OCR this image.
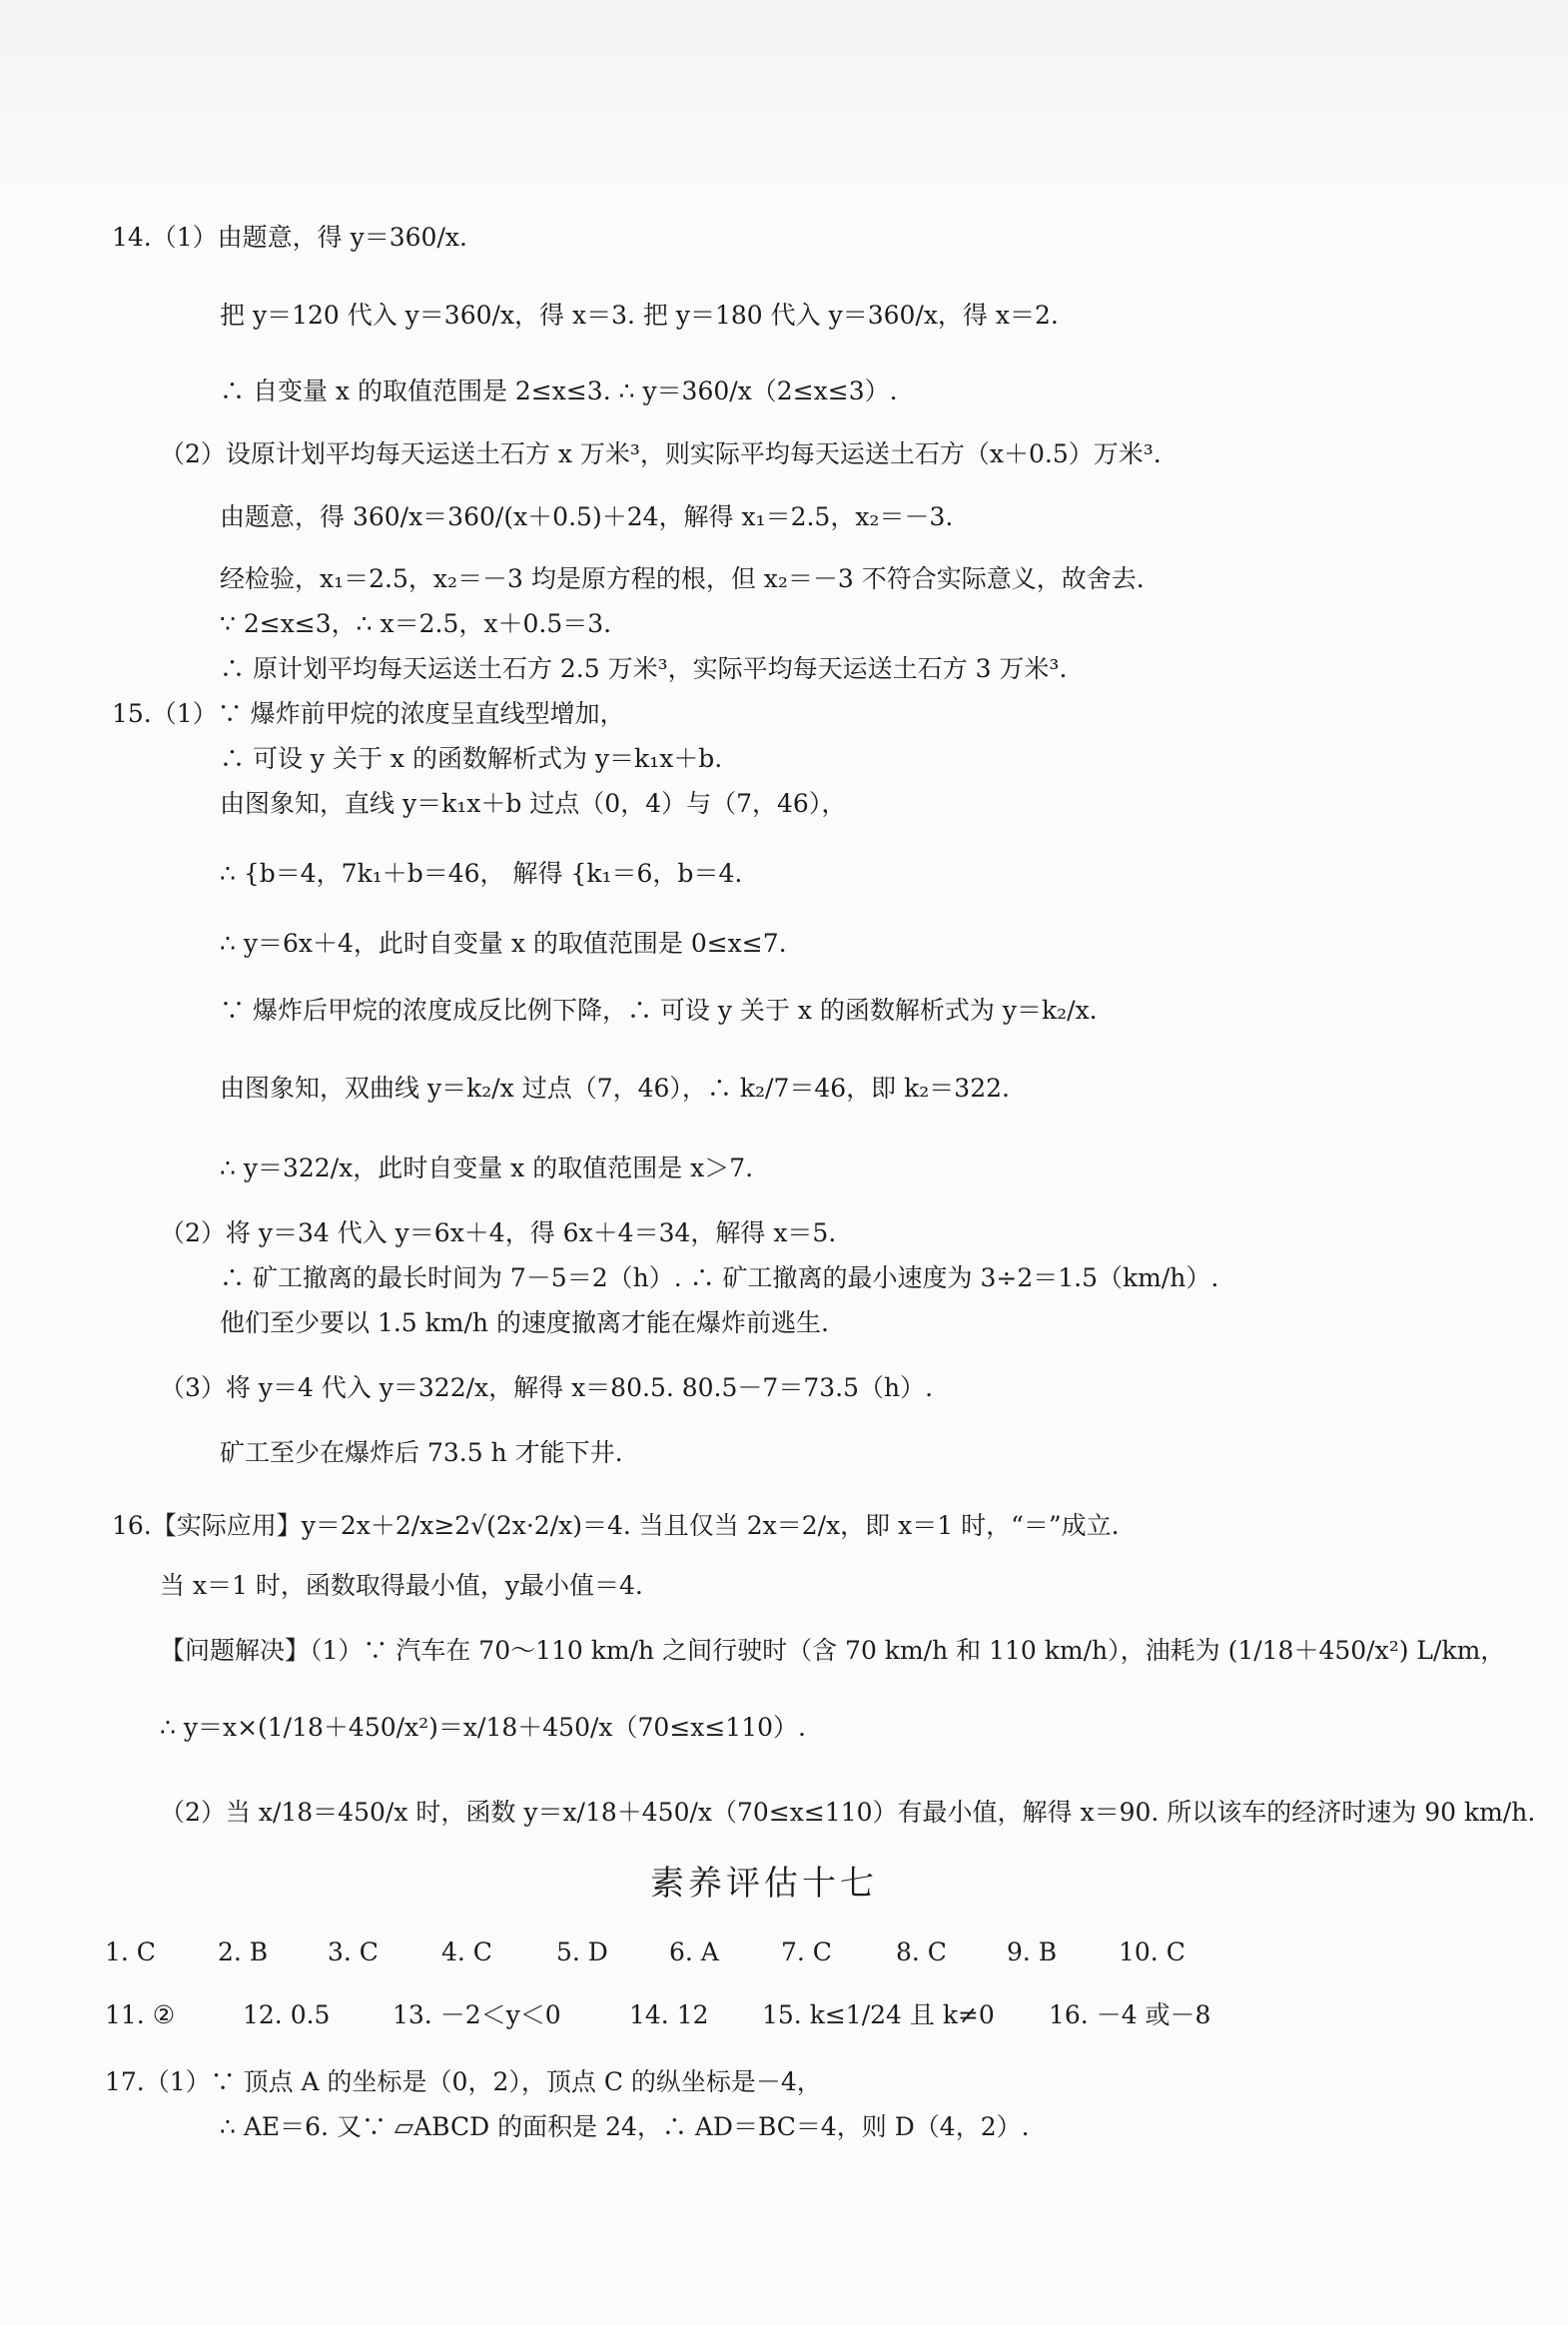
14.（1）由题意，得 y＝360/x.
把 y＝120 代入 y＝360/x，得 x＝3. 把 y＝180 代入 y＝360/x，得 x＝2.
∴ 自变量 x 的取值范围是 2≤x≤3. ∴ y＝360/x（2≤x≤3）.
（2）设原计划平均每天运送土石方 x 万米³，则实际平均每天运送土石方（x＋0.5）万米³.
由题意，得 360/x＝360/(x＋0.5)＋24，解得 x₁＝2.5，x₂＝－3.
经检验，x₁＝2.5，x₂＝－3 均是原方程的根，但 x₂＝－3 不符合实际意义，故舍去.
∵ 2≤x≤3，∴ x＝2.5，x＋0.5＝3.
∴ 原计划平均每天运送土石方 2.5 万米³，实际平均每天运送土石方 3 万米³.
15.（1）∵ 爆炸前甲烷的浓度呈直线型增加，
∴ 可设 y 关于 x 的函数解析式为 y＝k₁x＋b.
由图象知，直线 y＝k₁x＋b 过点（0，4）与（7，46），
∴ {b＝4，7k₁＋b＝46， 解得 {k₁＝6，b＝4.
∴ y＝6x＋4，此时自变量 x 的取值范围是 0≤x≤7.
∵ 爆炸后甲烷的浓度成反比例下降，∴ 可设 y 关于 x 的函数解析式为 y＝k₂/x.
由图象知，双曲线 y＝k₂/x 过点（7，46），∴ k₂/7＝46，即 k₂＝322.
∴ y＝322/x，此时自变量 x 的取值范围是 x＞7.
（2）将 y＝34 代入 y＝6x＋4，得 6x＋4＝34，解得 x＝5.
∴ 矿工撤离的最长时间为 7－5＝2（h）. ∴ 矿工撤离的最小速度为 3÷2＝1.5（km/h）.
他们至少要以 1.5 km/h 的速度撤离才能在爆炸前逃生.
（3）将 y＝4 代入 y＝322/x，解得 x＝80.5. 80.5－7＝73.5（h）.
矿工至少在爆炸后 73.5 h 才能下井.
16.【实际应用】y＝2x＋2/x≥2√(2x·2/x)＝4. 当且仅当 2x＝2/x，即 x＝1 时，“＝”成立.
当 x＝1 时，函数取得最小值，y最小值＝4.
【问题解决】（1）∵ 汽车在 70～110 km/h 之间行驶时（含 70 km/h 和 110 km/h），油耗为 (1/18＋450/x²) L/km，
∴ y＝x×(1/18＋450/x²)＝x/18＋450/x（70≤x≤110）.
（2）当 x/18＝450/x 时，函数 y＝x/18＋450/x（70≤x≤110）有最小值，解得 x＝90. 所以该车的经济时速为 90 km/h.
素养评估十七
1. C 2. B 3. C	4. C	5. D 6. A 7. C	8. C 9. B 10. C
11. ②	12. 0.5	13. －2＜y＜0	14. 12 15. k≤1/24 且 k≠0 16. －4 或－8
17.（1）∵ 顶点 A 的坐标是（0，2），顶点 C 的纵坐标是－4，
∴ AE＝6. 又∵ ▱ABCD 的面积是 24，∴ AD＝BC＝4，则 D（4，2）.
